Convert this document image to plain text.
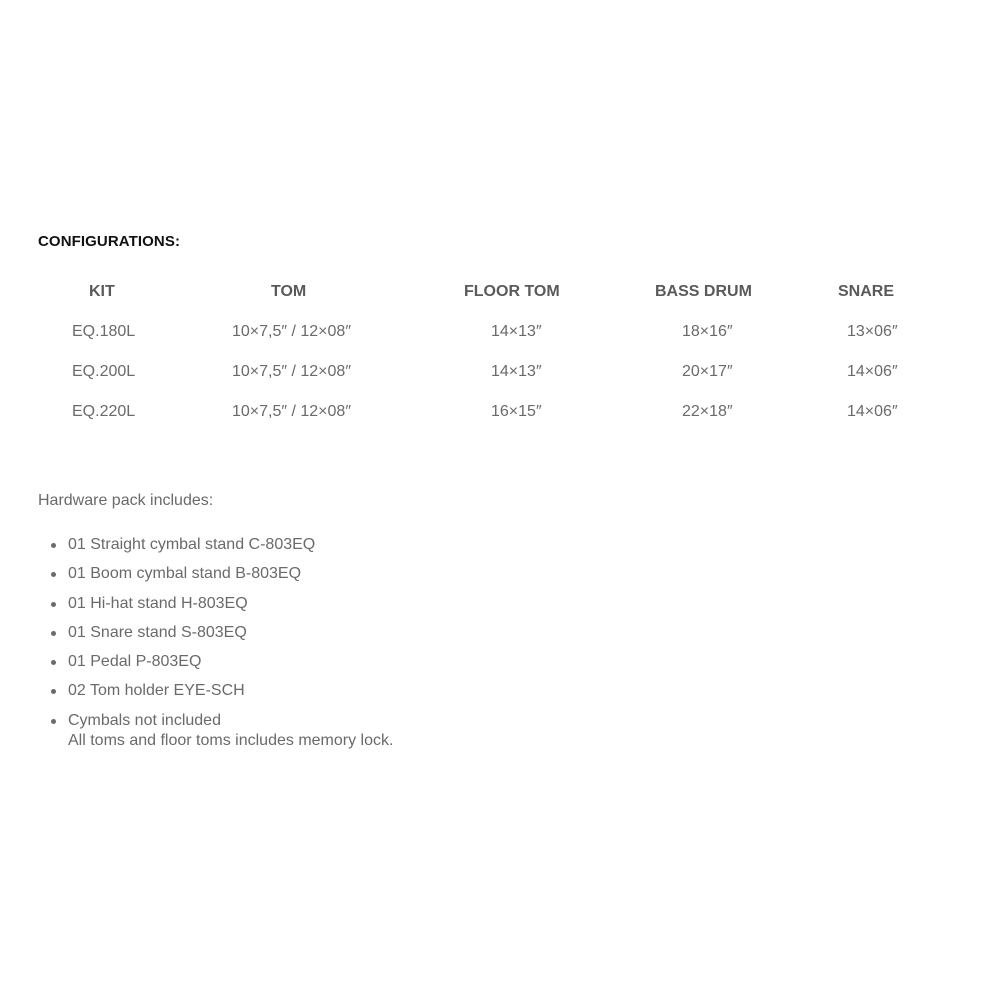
CONFIGURATIONS:
KIT	TOM	FLOOR TOM	BASS DRUM	SNARE
EQ.180L	10×7,5″ / 12×08″	14×13″	18×16″	13×06″
EQ.200L	10×7,5″ / 12×08″	14×13″	20×17″	14×06″
EQ.220L	10×7,5″ / 12×08″	16×15″	22×18″	14×06″

Hardware pack includes:

01 Straight cymbal stand C-803EQ
01 Boom cymbal stand B-803EQ
01 Hi-hat stand H-803EQ
01 Snare stand S-803EQ
01 Pedal P-803EQ
02 Tom holder EYE-SCH
Cymbals not included
All toms and floor toms includes memory lock.
